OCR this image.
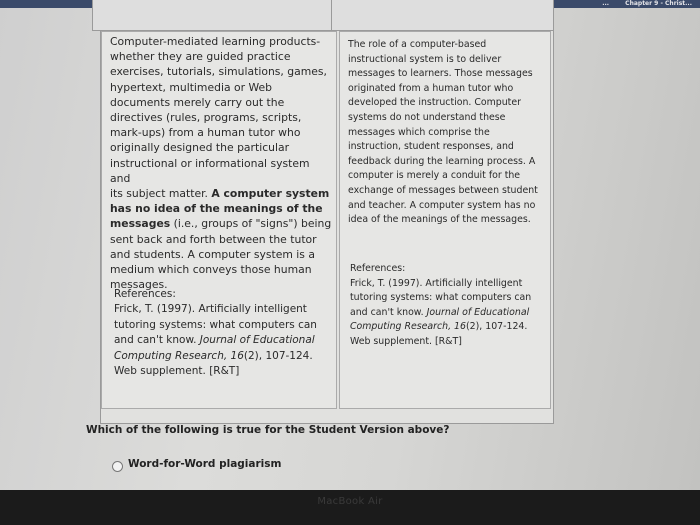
...	Chapter 9 - Christ...
Computer-mediated learning products-
whether they are guided practice
exercises, tutorials, simulations, games,
hypertext, multimedia or Web
documents merely carry out the
directives (rules, programs, scripts,
mark-ups) from a human tutor who
originally designed the particular
instructional or informational system and
its subject matter. A computer system
has no idea of the meanings of the
messages (i.e., groups of "signs") being
sent back and forth between the tutor
and students. A computer system is a
medium which conveys those human
messages.
References:
Frick, T. (1997). Artificially intelligent
tutoring systems: what computers can
and can't know. Journal of Educational
Computing Research, 16(2), 107-124.
Web supplement. [R&T]
The role of a computer-based
instructional system is to deliver
messages to learners. Those messages
originated from a human tutor who
developed the instruction. Computer
systems do not understand these
messages which comprise the
instruction, student responses, and
feedback during the learning process. A
computer is merely a conduit for the
exchange of messages between student
and teacher. A computer system has no
idea of the meanings of the messages.
References:
Frick, T. (1997). Artificially intelligent
tutoring systems: what computers can
and can't know. Journal of Educational
Computing Research, 16(2), 107-124.
Web supplement. [R&T]
Which of the following is true for the Student Version above?
Word-for-Word plagiarism
MacBook Air
